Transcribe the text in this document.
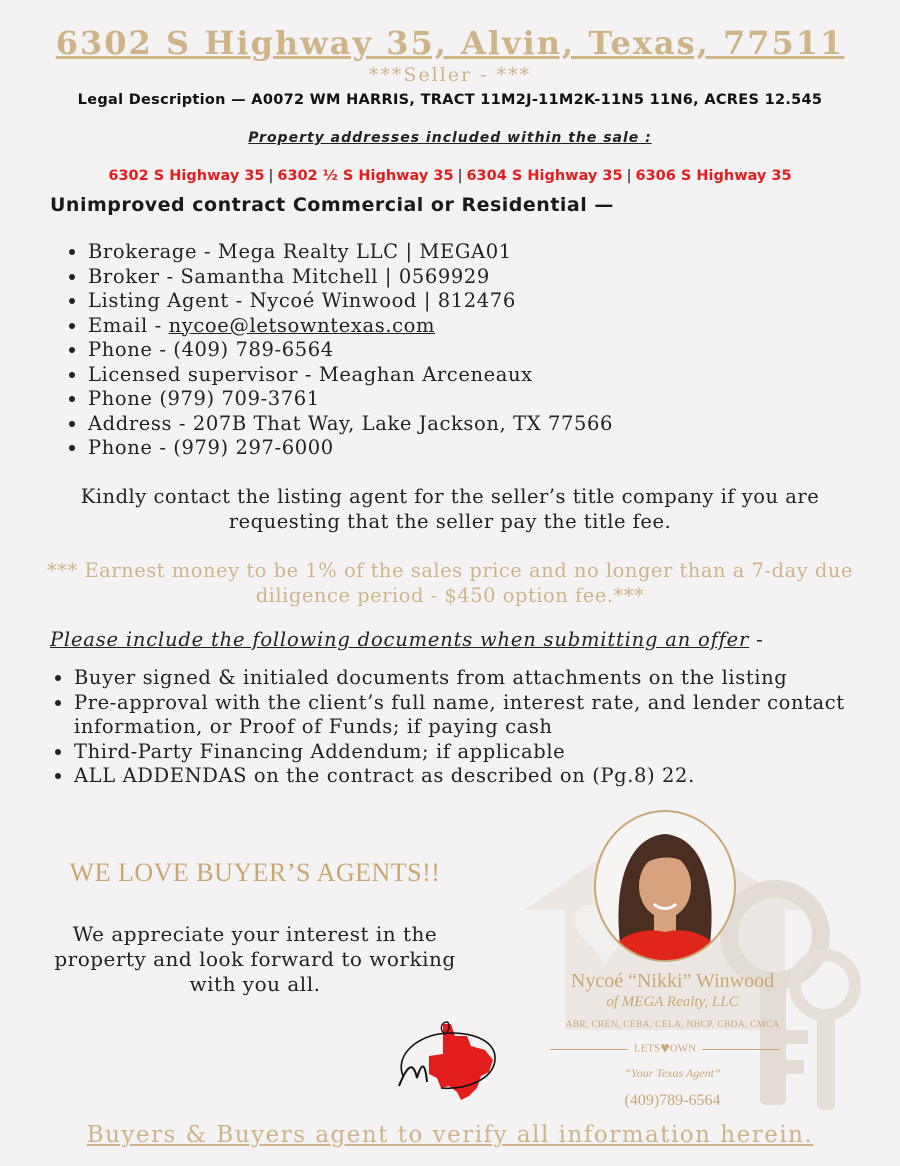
6302 S Highway 35, Alvin, Texas, 77511
***Seller - ***
Legal Description — A0072 WM HARRIS, TRACT 11M2J-11M2K-11N5 11N6, ACRES 12.545
Property addresses included within the sale :
6302 S Highway 35 | 6302 ½ S Highway 35 | 6304 S Highway 35 | 6306 S Highway 35
Unimproved contract Commercial or Residential —
• Brokerage - Mega Realty LLC | MEGA01
• Broker - Samantha Mitchell | 0569929
• Listing Agent - Nycoé Winwood | 812476
• Email - nycoe@letsowntexas.com
• Phone - (409) 789-6564
• Licensed supervisor - Meaghan Arceneaux
• Phone (979) 709-3761
• Address - 207B That Way, Lake Jackson, TX 77566
• Phone - (979) 297-6000
Kindly contact the listing agent for the seller’s title company if you are requesting that the seller pay the title fee.
*** Earnest money to be 1% of the sales price and no longer than a 7-day due diligence period - $450 option fee.***
Please include the following documents when submitting an offer -
• Buyer signed & initialed documents from attachments on the listing
• Pre-approval with the client’s full name, interest rate, and lender contact information, or Proof of Funds; if paying cash
• Third-Party Financing Addendum; if applicable
• ALL ADDENDAS on the contract as described on (Pg.8) 22.
WE LOVE BUYER’S AGENTS!!
We appreciate your interest in the property and look forward to working with you all.	Nycoé “Nikki” Winwood
of MEGA Realty, LLC
ABR, CREN, CEBA, CELA, NHCP, CBDA, CMCA
LETS♥OWN
“Your Texas Agent”
(409)789-6564
Buyers & Buyers agent to verify all information herein.
